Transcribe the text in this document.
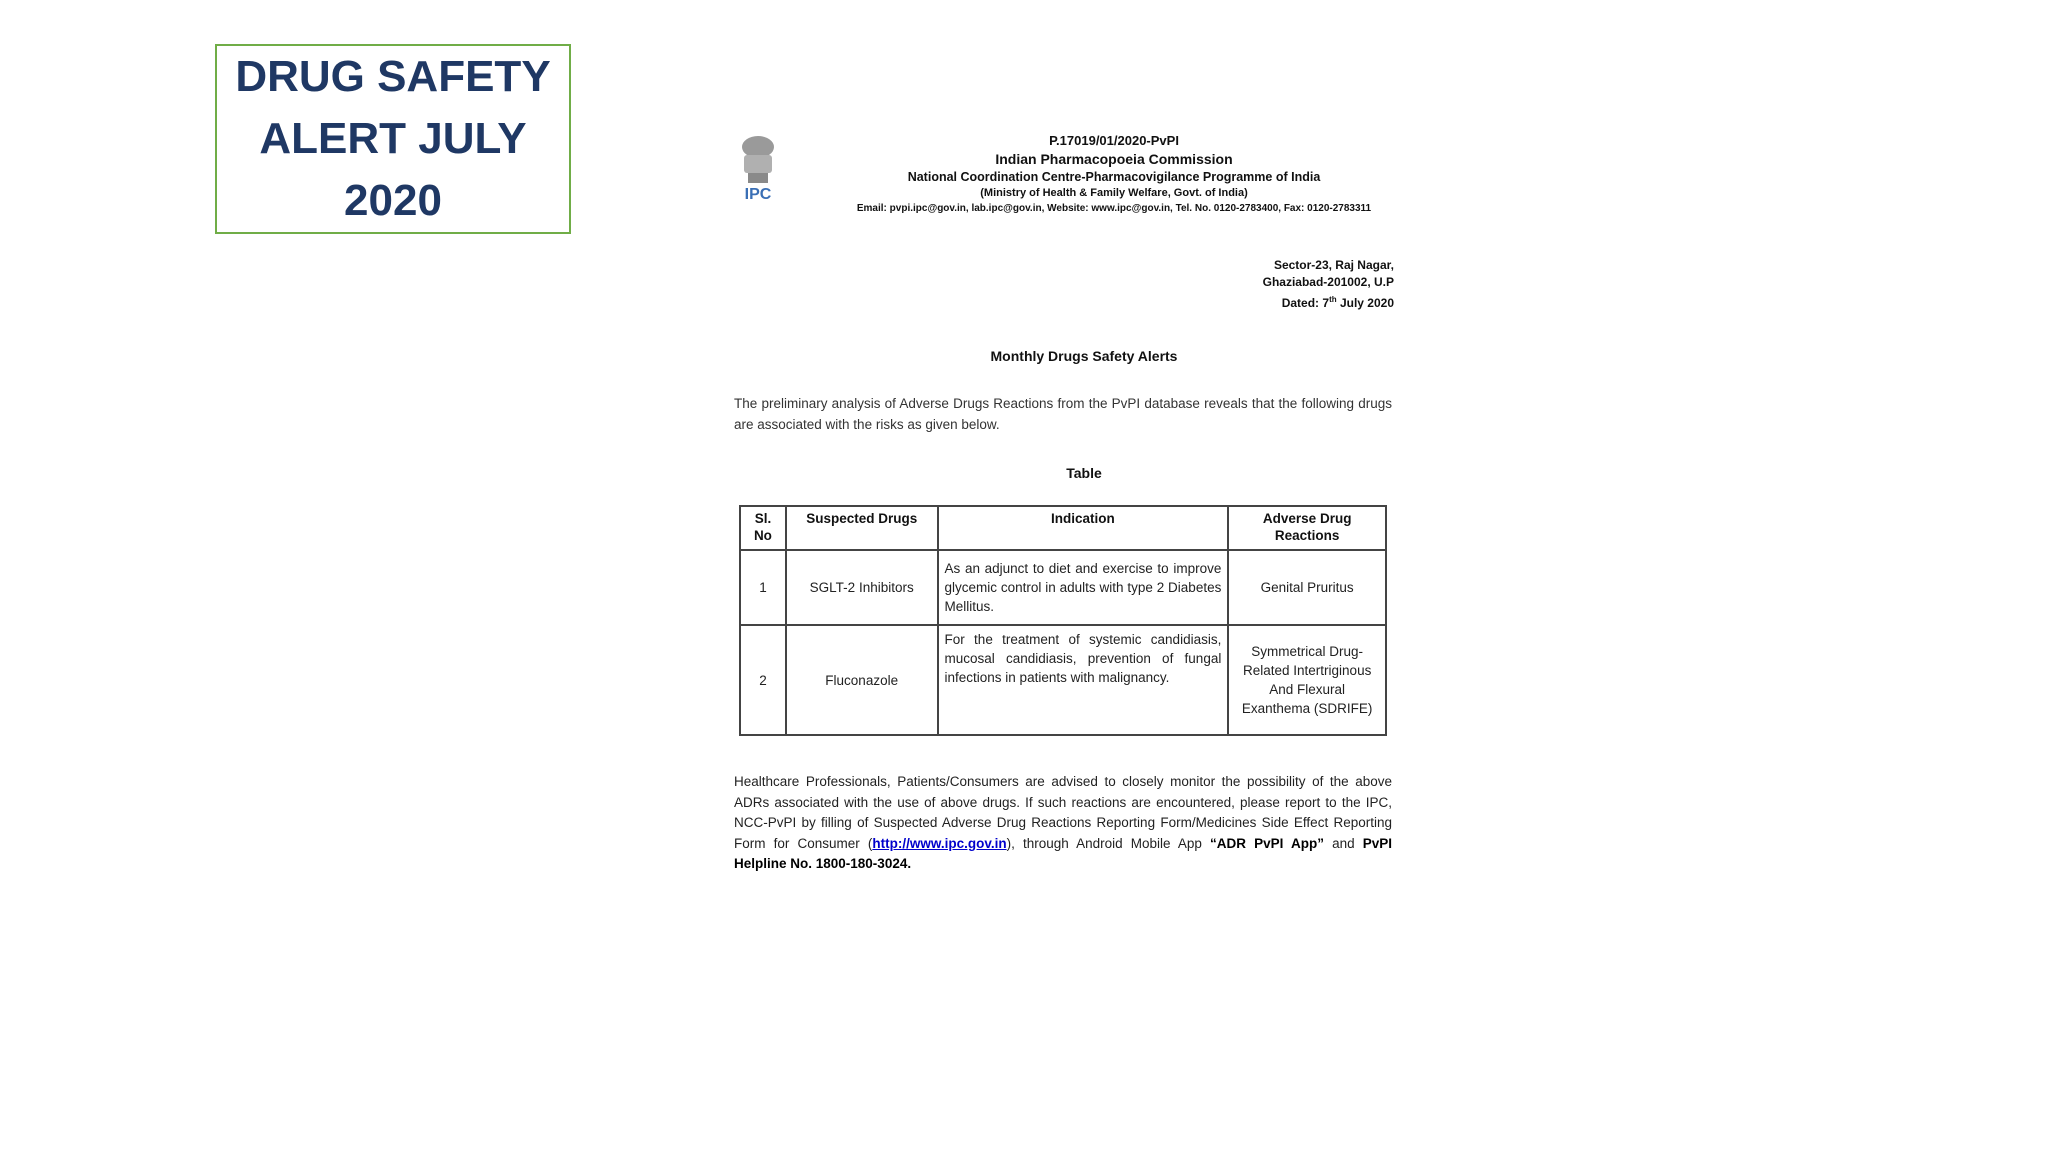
DRUG SAFETY
ALERT JULY
2020	IPC
P.17019/01/2020-PvPI
Indian Pharmacopoeia Commission
National Coordination Centre-Pharmacovigilance Programme of India
(Ministry of Health & Family Welfare, Govt. of India)
Email: pvpi.ipc@gov.in, lab.ipc@gov.in, Website: www.ipc@gov.in, Tel. No. 0120-2783400, Fax: 0120-2783311
Sector-23, Raj Nagar,
Ghaziabad-201002, U.P
Dated: 7th July 2020
Monthly Drugs Safety Alerts
The preliminary analysis of Adverse Drugs Reactions from the PvPI database reveals that the following drugs are associated with the risks as given below.
Table
Sl. No	Suspected Drugs	Indication	Adverse Drug Reactions
1	SGLT-2 Inhibitors	As an adjunct to diet and exercise to improve glycemic control in adults with type 2 Diabetes Mellitus.	Genital Pruritus
2	Fluconazole	For the treatment of systemic candidiasis, mucosal candidiasis, prevention of fungal infections in patients with malignancy.	Symmetrical Drug-Related Intertriginous And Flexural Exanthema (SDRIFE)
Healthcare Professionals, Patients/Consumers are advised to closely monitor the possibility of the above ADRs associated with the use of above drugs. If such reactions are encountered, please report to the IPC, NCC-PvPI by filling of Suspected Adverse Drug Reactions Reporting Form/Medicines Side Effect Reporting Form for Consumer (http://www.ipc.gov.in), through Android Mobile App “ADR PvPI App” and PvPI Helpline No. 1800-180-3024.
